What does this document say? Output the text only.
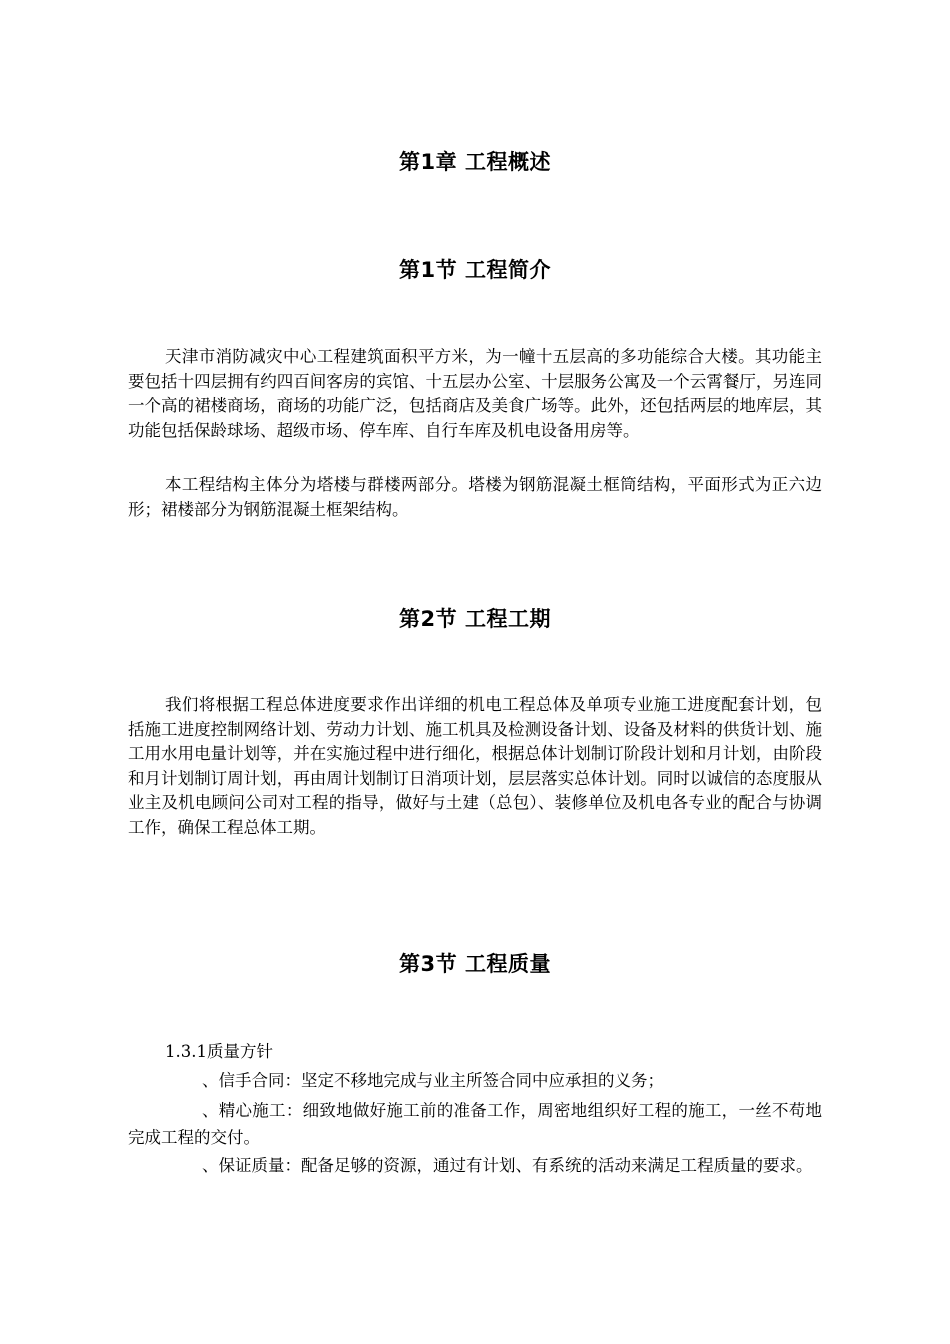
第1章 工程概述
第1节 工程简介

天津市消防减灾中心工程建筑面积平方米，为一幢十五层高的多功能综合大楼。其功能主要包括十四层拥有约四百间客房的宾馆、十五层办公室、十层服务公寓及一个云霄餐厅，另连同一个高的裙楼商场，商场的功能广泛，包括商店及美食广场等。此外，还包括两层的地库层，其功能包括保龄球场、超级市场、停车库、自行车库及机电设备用房等。

本工程结构主体分为塔楼与群楼两部分。塔楼为钢筋混凝土框筒结构，平面形式为正六边形；裙楼部分为钢筋混凝土框架结构。

第2节 工程工期

我们将根据工程总体进度要求作出详细的机电工程总体及单项专业施工进度配套计划，包括施工进度控制网络计划、劳动力计划、施工机具及检测设备计划、设备及材料的供货计划、施工用水用电量计划等，并在实施过程中进行细化，根据总体计划制订阶段计划和月计划，由阶段和月计划制订周计划，再由周计划制订日消项计划，层层落实总体计划。同时以诚信的态度服从业主及机电顾问公司对工程的指导，做好与土建（总包）、装修单位及机电各专业的配合与协调工作，确保工程总体工期。

第3节 工程质量

1.3.1质量方针

、信手合同：坚定不移地完成与业主所签合同中应承担的义务；

、精心施工：细致地做好施工前的准备工作，周密地组织好工程的施工，一丝不苟地完成工程的交付。

、保证质量：配备足够的资源，通过有计划、有系统的活动来满足工程质量的要求。
